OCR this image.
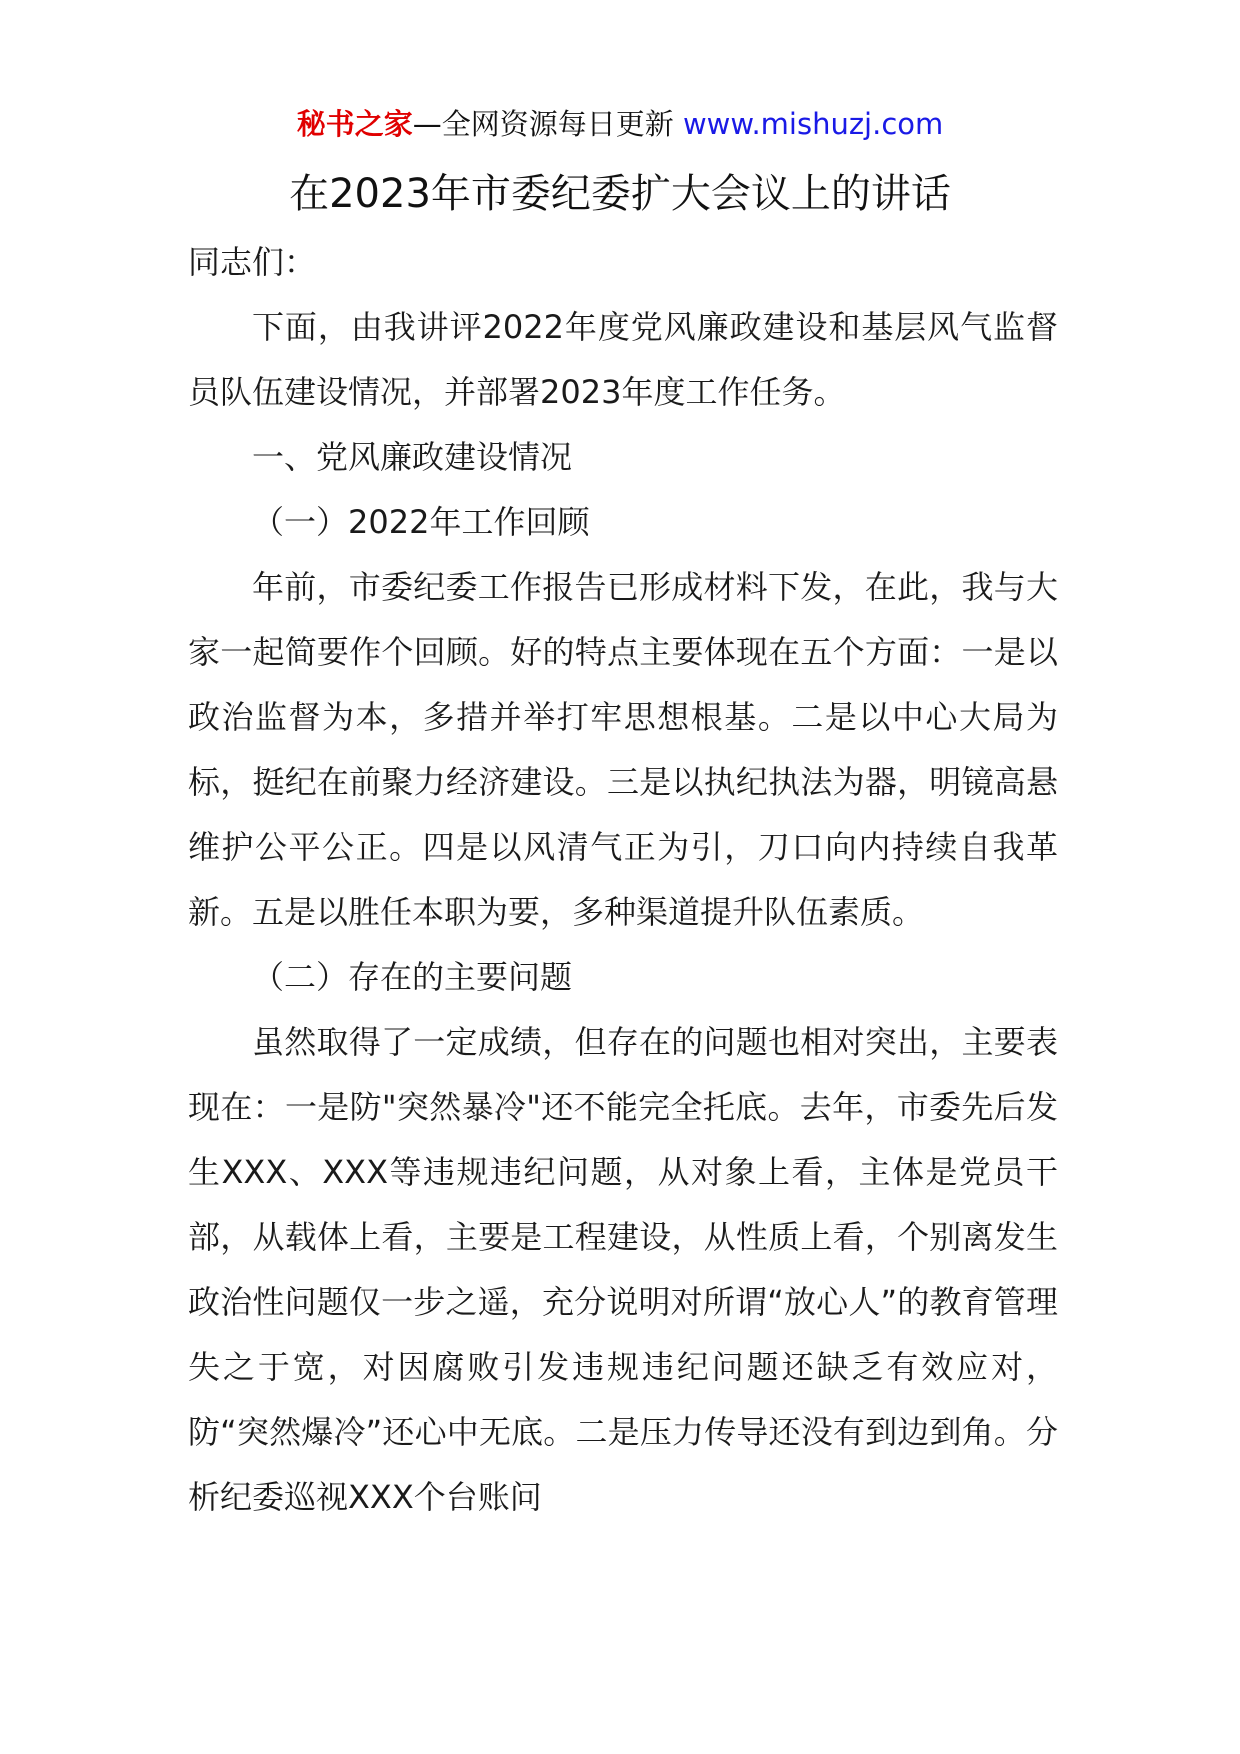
秘书之家—全网资源每日更新 www.mishuzj.com
在2023年市委纪委扩大会议上的讲话

同志们：

下面，由我讲评2022年度党风廉政建设和基层风气监督员队伍建设情况，并部署2023年度工作任务。

一、党风廉政建设情况

（一）2022年工作回顾

年前，市委纪委工作报告已形成材料下发，在此，我与大家一起简要作个回顾。好的特点主要体现在五个方面：一是以政治监督为本，多措并举打牢思想根基。二是以中心大局为标，挺纪在前聚力经济建设。三是以执纪执法为器，明镜高悬维护公平公正。四是以风清气正为引，刀口向内持续自我革新。五是以胜任本职为要，多种渠道提升队伍素质。

（二）存在的主要问题

虽然取得了一定成绩，但存在的问题也相对突出，主要表现在：一是防"突然暴冷"还不能完全托底。去年，市委先后发生XXX、XXX等违规违纪问题，从对象上看，主体是党员干部，从载体上看，主要是工程建设，从性质上看，个别离发生政治性问题仅一步之遥，充分说明对所谓“放心人”的教育管理失之于宽，对因腐败引发违规违纪问题还缺乏有效应对，防“突然爆冷”还心中无底。二是压力传导还没有到边到角。分析纪委巡视XXX个台账问
